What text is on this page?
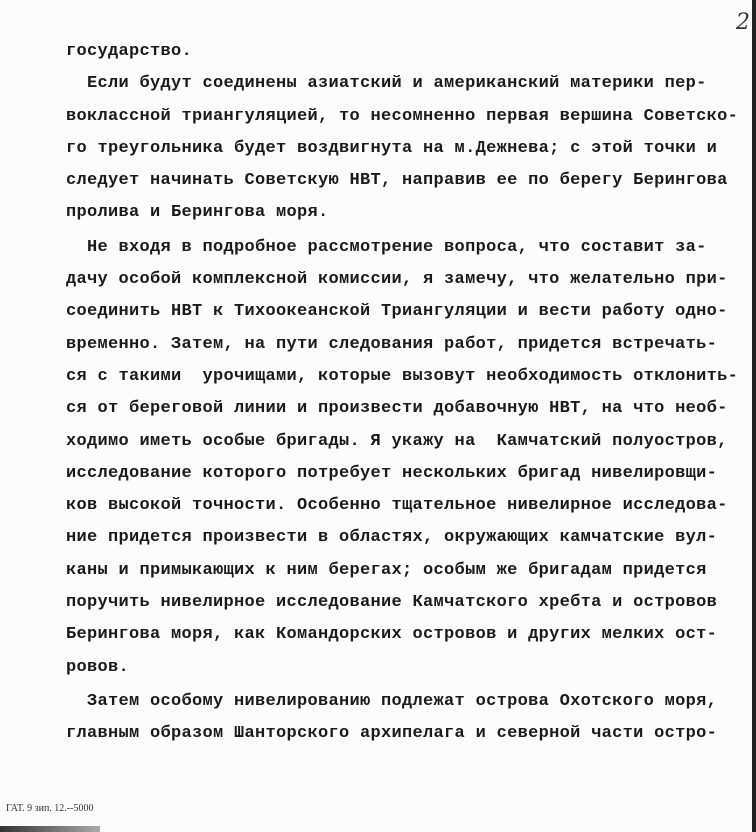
2
государство.
Если будут соединены азиатский и американский материки пер-
воклассной триангуляцией, то несомненно первая вершина Советско-
го треугольника будет воздвигнута на м.Дежнева; с этой точки и
следует начинать Советскую НВТ, направив ее по берегу Берингова
пролива и Берингова моря.
Не входя в подробное рассмотрение вопроса, что составит за-
дачу особой комплексной комиссии, я замечу, что желательно при-
соединить НВТ к Тихоокеанской Триангуляции и вести работу одно-
временно. Затем, на пути следования работ, придется встречать-
ся с такими  урочищами, которые вызовут необходимость отклонить-
ся от береговой линии и произвести добавочную НВТ, на что необ-
ходимо иметь особые бригады. Я укажу на  Камчатский полуостров,
исследование которого потребует нескольких бригад нивелировщи-
ков высокой точности. Особенно тщательное нивелирное исследова-
ние придется произвести в областях, окружающих камчатские вул-
каны и примыкающих к ним берегах; особым же бригадам придется
поручить нивелирное исследование Камчатского хребта и островов
Берингова моря, как Командорских островов и других мелких ост-
ровов.
Затем особому нивелированию подлежат острова Охотского моря,
главным образом Шанторского архипелага и северной части остро-
ГАТ. 9 зип. 12.--5000
